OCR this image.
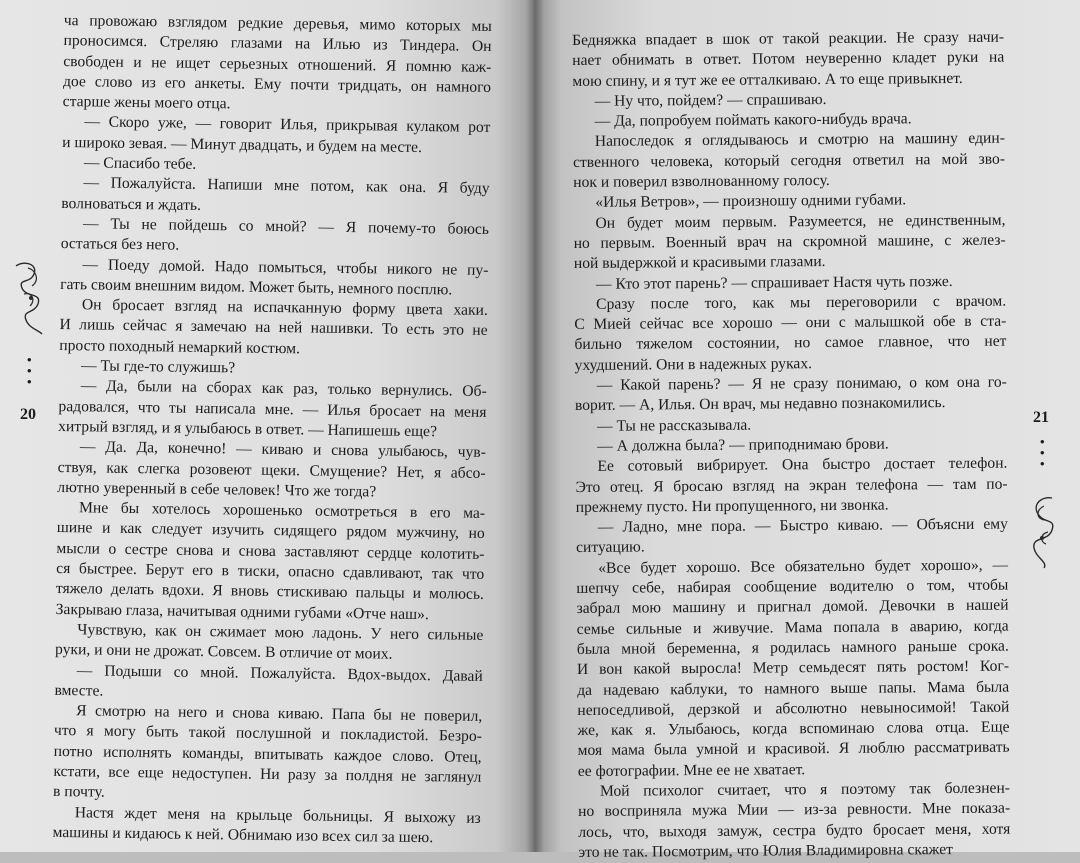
ча провожаю взглядом редкие деревья, мимо которых мы
проносимся. Стреляю глазами на Илью из Тиндера. Он
свободен и не ищет серьезных отношений. Я помню каж-
дое слово из его анкеты. Ему почти тридцать, он намного
старше жены моего отца.
— Скоро уже, — говорит Илья, прикрывая кулаком рот
и широко зевая. — Минут двадцать, и будем на месте.
— Спасибо тебе.
— Пожалуйста. Напиши мне потом, как она. Я буду
волноваться и ждать.
— Ты не пойдешь со мной? — Я почему-то боюсь
остаться без него.
— Поеду домой. Надо помыться, чтобы никого не пу-
гать своим внешним видом. Может быть, немного посплю.
Он бросает взгляд на испачканную форму цвета хаки.
И лишь сейчас я замечаю на ней нашивки. То есть это не
просто походный немаркий костюм.
— Ты где-то служишь?
— Да, были на сборах как раз, только вернулись. Об-
радовался, что ты написала мне. — Илья бросает на меня
хитрый взгляд, и я улыбаюсь в ответ. — Напишешь еще?
— Да. Да, конечно! — киваю и снова улыбаюсь, чув-
ствуя, как слегка розовеют щеки. Смущение? Нет, я абсо-
лютно уверенный в себе человек! Что же тогда?
Мне бы хотелось хорошенько осмотреться в его ма-
шине и как следует изучить сидящего рядом мужчину, но
мысли о сестре снова и снова заставляют сердце колотить-
ся быстрее. Берут его в тиски, опасно сдавливают, так что
тяжело делать вдохи. Я вновь стискиваю пальцы и молюсь.
Закрываю глаза, начитывая одними губами «Отче наш».
Чувствую, как он сжимает мою ладонь. У него сильные
руки, и они не дрожат. Совсем. В отличие от моих.
— Подыши со мной. Пожалуйста. Вдох-выдох. Давай
вместе.
Я смотрю на него и снова киваю. Папа бы не поверил,
что я могу быть такой послушной и покладистой. Безро-
потно исполнять команды, впитывать каждое слово. Отец,
кстати, все еще недоступен. Ни разу за полдня не заглянул
в почту.
Настя ждет меня на крыльце больницы. Я выхожу из
машины и кидаюсь к ней. Обнимаю изо всех сил за шею.
20
•
•
•
21
•
•
•
Бедняжка впадает в шок от такой реакции. Не сразу начи-
нает обнимать в ответ. Потом неуверенно кладет руки на
мою спину, и я тут же ее отталкиваю. А то еще привыкнет.
— Ну что, пойдем? — спрашиваю.
— Да, попробуем поймать какого-нибудь врача.
Напоследок я оглядываюсь и смотрю на машину един-
ственного человека, который сегодня ответил на мой зво-
нок и поверил взволнованному голосу.
«Илья Ветров», — произношу одними губами.
Он будет моим первым. Разумеется, не единственным,
но первым. Военный врач на скромной машине, с желез-
ной выдержкой и красивыми глазами.
— Кто этот парень? — спрашивает Настя чуть позже.
Сразу после того, как мы переговорили с врачом.
С Мией сейчас все хорошо — они с малышкой обе в ста-
бильно тяжелом состоянии, но самое главное, что нет
ухудшений. Они в надежных руках.
— Какой парень? — Я не сразу понимаю, о ком она го-
ворит. — А, Илья. Он врач, мы недавно познакомились.
— Ты не рассказывала.
— А должна была? — приподнимаю брови.
Ее сотовый вибрирует. Она быстро достает телефон.
Это отец. Я бросаю взгляд на экран телефона — там по-
прежнему пусто. Ни пропущенного, ни звонка.
— Ладно, мне пора. — Быстро киваю. — Объясни ему
ситуацию.
«Все будет хорошо. Все обязательно будет хорошо», —
шепчу себе, набирая сообщение водителю о том, чтобы
забрал мою машину и пригнал домой. Девочки в нашей
семье сильные и живучие. Мама попала в аварию, когда
была мной беременна, я родилась намного раньше срока.
И вон какой выросла! Метр семьдесят пять ростом! Ког-
да надеваю каблуки, то намного выше папы. Мама была
непоседливой, дерзкой и абсолютно невыносимой! Такой
же, как я. Улыбаюсь, когда вспоминаю слова отца. Еще
моя мама была умной и красивой. Я люблю рассматривать
ее фотографии. Мне ее не хватает.
Мой психолог считает, что я поэтому так болезнен-
но восприняла мужа Мии — из-за ревности. Мне показа-
лось, что, выходя замуж, сестра будто бросает меня, хотя
это не так. Посмотрим, что Юлия Владимировна скажет
